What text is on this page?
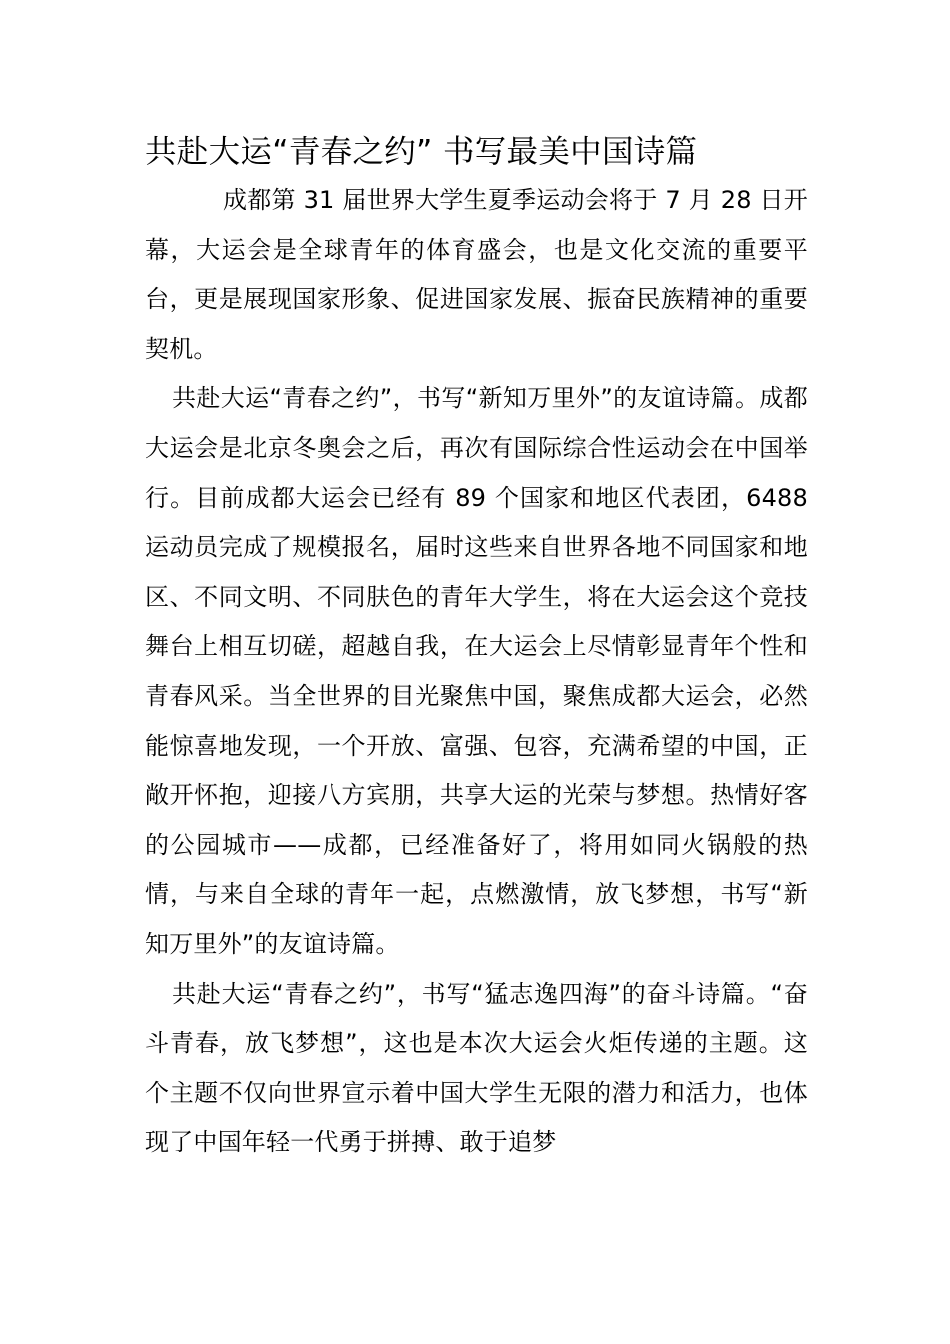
共赴大运“青春之约” 书写最美中国诗篇

成都第 31 届世界大学生夏季运动会将于 7 月 28 日开幕，大运会是全球青年的体育盛会，也是文化交流的重要平台，更是展现国家形象、促进国家发展、振奋民族精神的重要契机。

共赴大运“青春之约”，书写“新知万里外”的友谊诗篇。成都大运会是北京冬奥会之后，再次有国际综合性运动会在中国举行。目前成都大运会已经有 89 个国家和地区代表团，6488 运动员完成了规模报名，届时这些来自世界各地不同国家和地区、不同文明、不同肤色的青年大学生，将在大运会这个竞技舞台上相互切磋，超越自我，在大运会上尽情彰显青年个性和青春风采。当全世界的目光聚焦中国，聚焦成都大运会，必然能惊喜地发现，一个开放、富强、包容，充满希望的中国，正敞开怀抱，迎接八方宾朋，共享大运的光荣与梦想。热情好客的公园城市——成都，已经准备好了，将用如同火锅般的热情，与来自全球的青年一起，点燃激情，放飞梦想，书写“新知万里外”的友谊诗篇。

共赴大运“青春之约”，书写“猛志逸四海”的奋斗诗篇。“奋斗青春，放飞梦想”，这也是本次大运会火炬传递的主题。这个主题不仅向世界宣示着中国大学生无限的潜力和活力，也体现了中国年轻一代勇于拼搏、敢于追梦
